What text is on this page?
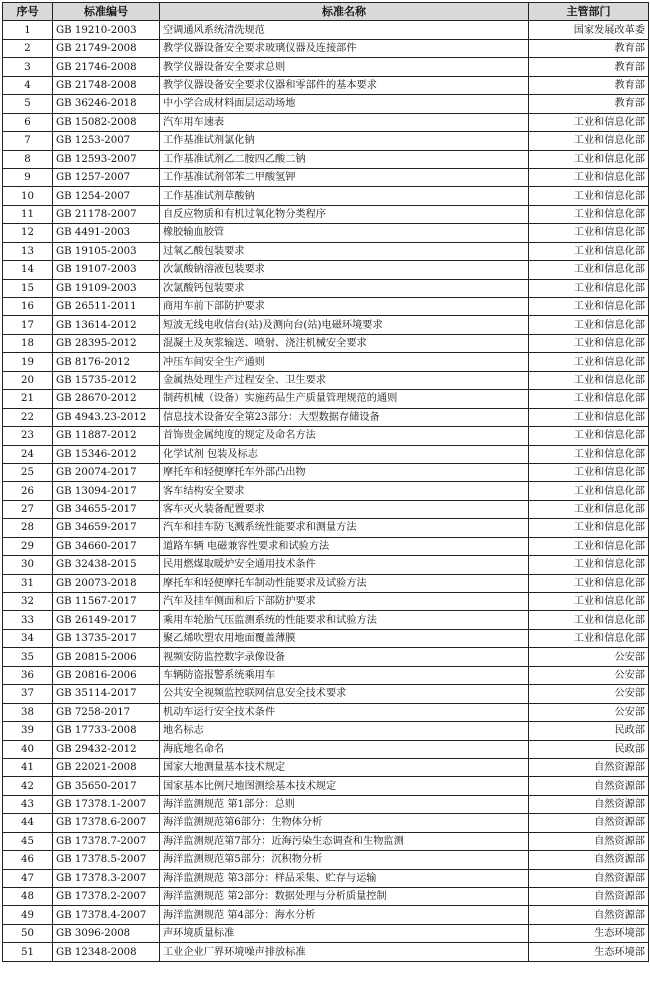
序号	标准编号	标准名称	主管部门
1	GB 19210-2003	空调通风系统清洗规范	国家发展改革委
2	GB 21749-2008	教学仪器设备安全要求玻璃仪器及连接部件	教育部
3	GB 21746-2008	教学仪器设备安全要求总则	教育部
4	GB 21748-2008	教学仪器设备安全要求仪器和零部件的基本要求	教育部
5	GB 36246-2018	中小学合成材料面层运动场地	教育部
6	GB 15082-2008	汽车用车速表	工业和信息化部
7	GB 1253-2007	工作基准试剂氯化钠	工业和信息化部
8	GB 12593-2007	工作基准试剂乙二胺四乙酸二钠	工业和信息化部
9	GB 1257-2007	工作基准试剂邻苯二甲酸氢钾	工业和信息化部
10	GB 1254-2007	工作基准试剂草酸钠	工业和信息化部
11	GB 21178-2007	自反应物质和有机过氧化物分类程序	工业和信息化部
12	GB 4491-2003	橡胶输血胶管	工业和信息化部
13	GB 19105-2003	过氧乙酸包装要求	工业和信息化部
14	GB 19107-2003	次氯酸钠溶液包装要求	工业和信息化部
15	GB 19109-2003	次氯酸钙包装要求	工业和信息化部
16	GB 26511-2011	商用车前下部防护要求	工业和信息化部
17	GB 13614-2012	短波无线电收信台(站)及测向台(站)电磁环境要求	工业和信息化部
18	GB 28395-2012	混凝土及灰浆输送、喷射、浇注机械安全要求	工业和信息化部
19	GB 8176-2012	冲压车间安全生产通则	工业和信息化部
20	GB 15735-2012	金属热处理生产过程安全、卫生要求	工业和信息化部
21	GB 28670-2012	制药机械（设备）实施药品生产质量管理规范的通则	工业和信息化部
22	GB 4943.23-2012	信息技术设备安全第23部分：大型数据存储设备	工业和信息化部
23	GB 11887-2012	首饰贵金属纯度的规定及命名方法	工业和信息化部
24	GB 15346-2012	化学试剂 包装及标志	工业和信息化部
25	GB 20074-2017	摩托车和轻便摩托车外部凸出物	工业和信息化部
26	GB 13094-2017	客车结构安全要求	工业和信息化部
27	GB 34655-2017	客车灭火装备配置要求	工业和信息化部
28	GB 34659-2017	汽车和挂车防飞溅系统性能要求和测量方法	工业和信息化部
29	GB 34660-2017	道路车辆 电磁兼容性要求和试验方法	工业和信息化部
30	GB 32438-2015	民用燃煤取暖炉安全通用技术条件	工业和信息化部
31	GB 20073-2018	摩托车和轻便摩托车制动性能要求及试验方法	工业和信息化部
32	GB 11567-2017	汽车及挂车侧面和后下部防护要求	工业和信息化部
33	GB 26149-2017	乘用车轮胎气压监测系统的性能要求和试验方法	工业和信息化部
34	GB 13735-2017	聚乙烯吹塑农用地面覆盖薄膜	工业和信息化部
35	GB 20815-2006	视频安防监控数字录像设备	公安部
36	GB 20816-2006	车辆防盗报警系统乘用车	公安部
37	GB 35114-2017	公共安全视频监控联网信息安全技术要求	公安部
38	GB 7258-2017	机动车运行安全技术条件	公安部
39	GB 17733-2008	地名标志	民政部
40	GB 29432-2012	海底地名命名	民政部
41	GB 22021-2008	国家大地测量基本技术规定	自然资源部
42	GB 35650-2017	国家基本比例尺地图测绘基本技术规定	自然资源部
43	GB 17378.1-2007	海洋监测规范 第1部分：总则	自然资源部
44	GB 17378.6-2007	海洋监测规范第6部分：生物体分析	自然资源部
45	GB 17378.7-2007	海洋监测规范第7部分：近海污染生态调查和生物监测	自然资源部
46	GB 17378.5-2007	海洋监测规范第5部分：沉积物分析	自然资源部
47	GB 17378.3-2007	海洋监测规范 第3部分：样品采集、贮存与运输	自然资源部
48	GB 17378.2-2007	海洋监测规范 第2部分：数据处理与分析质量控制	自然资源部
49	GB 17378.4-2007	海洋监测规范 第4部分：海水分析	自然资源部
50	GB 3096-2008	声环境质量标准	生态环境部
51	GB 12348-2008	工业企业厂界环境噪声排放标准	生态环境部
